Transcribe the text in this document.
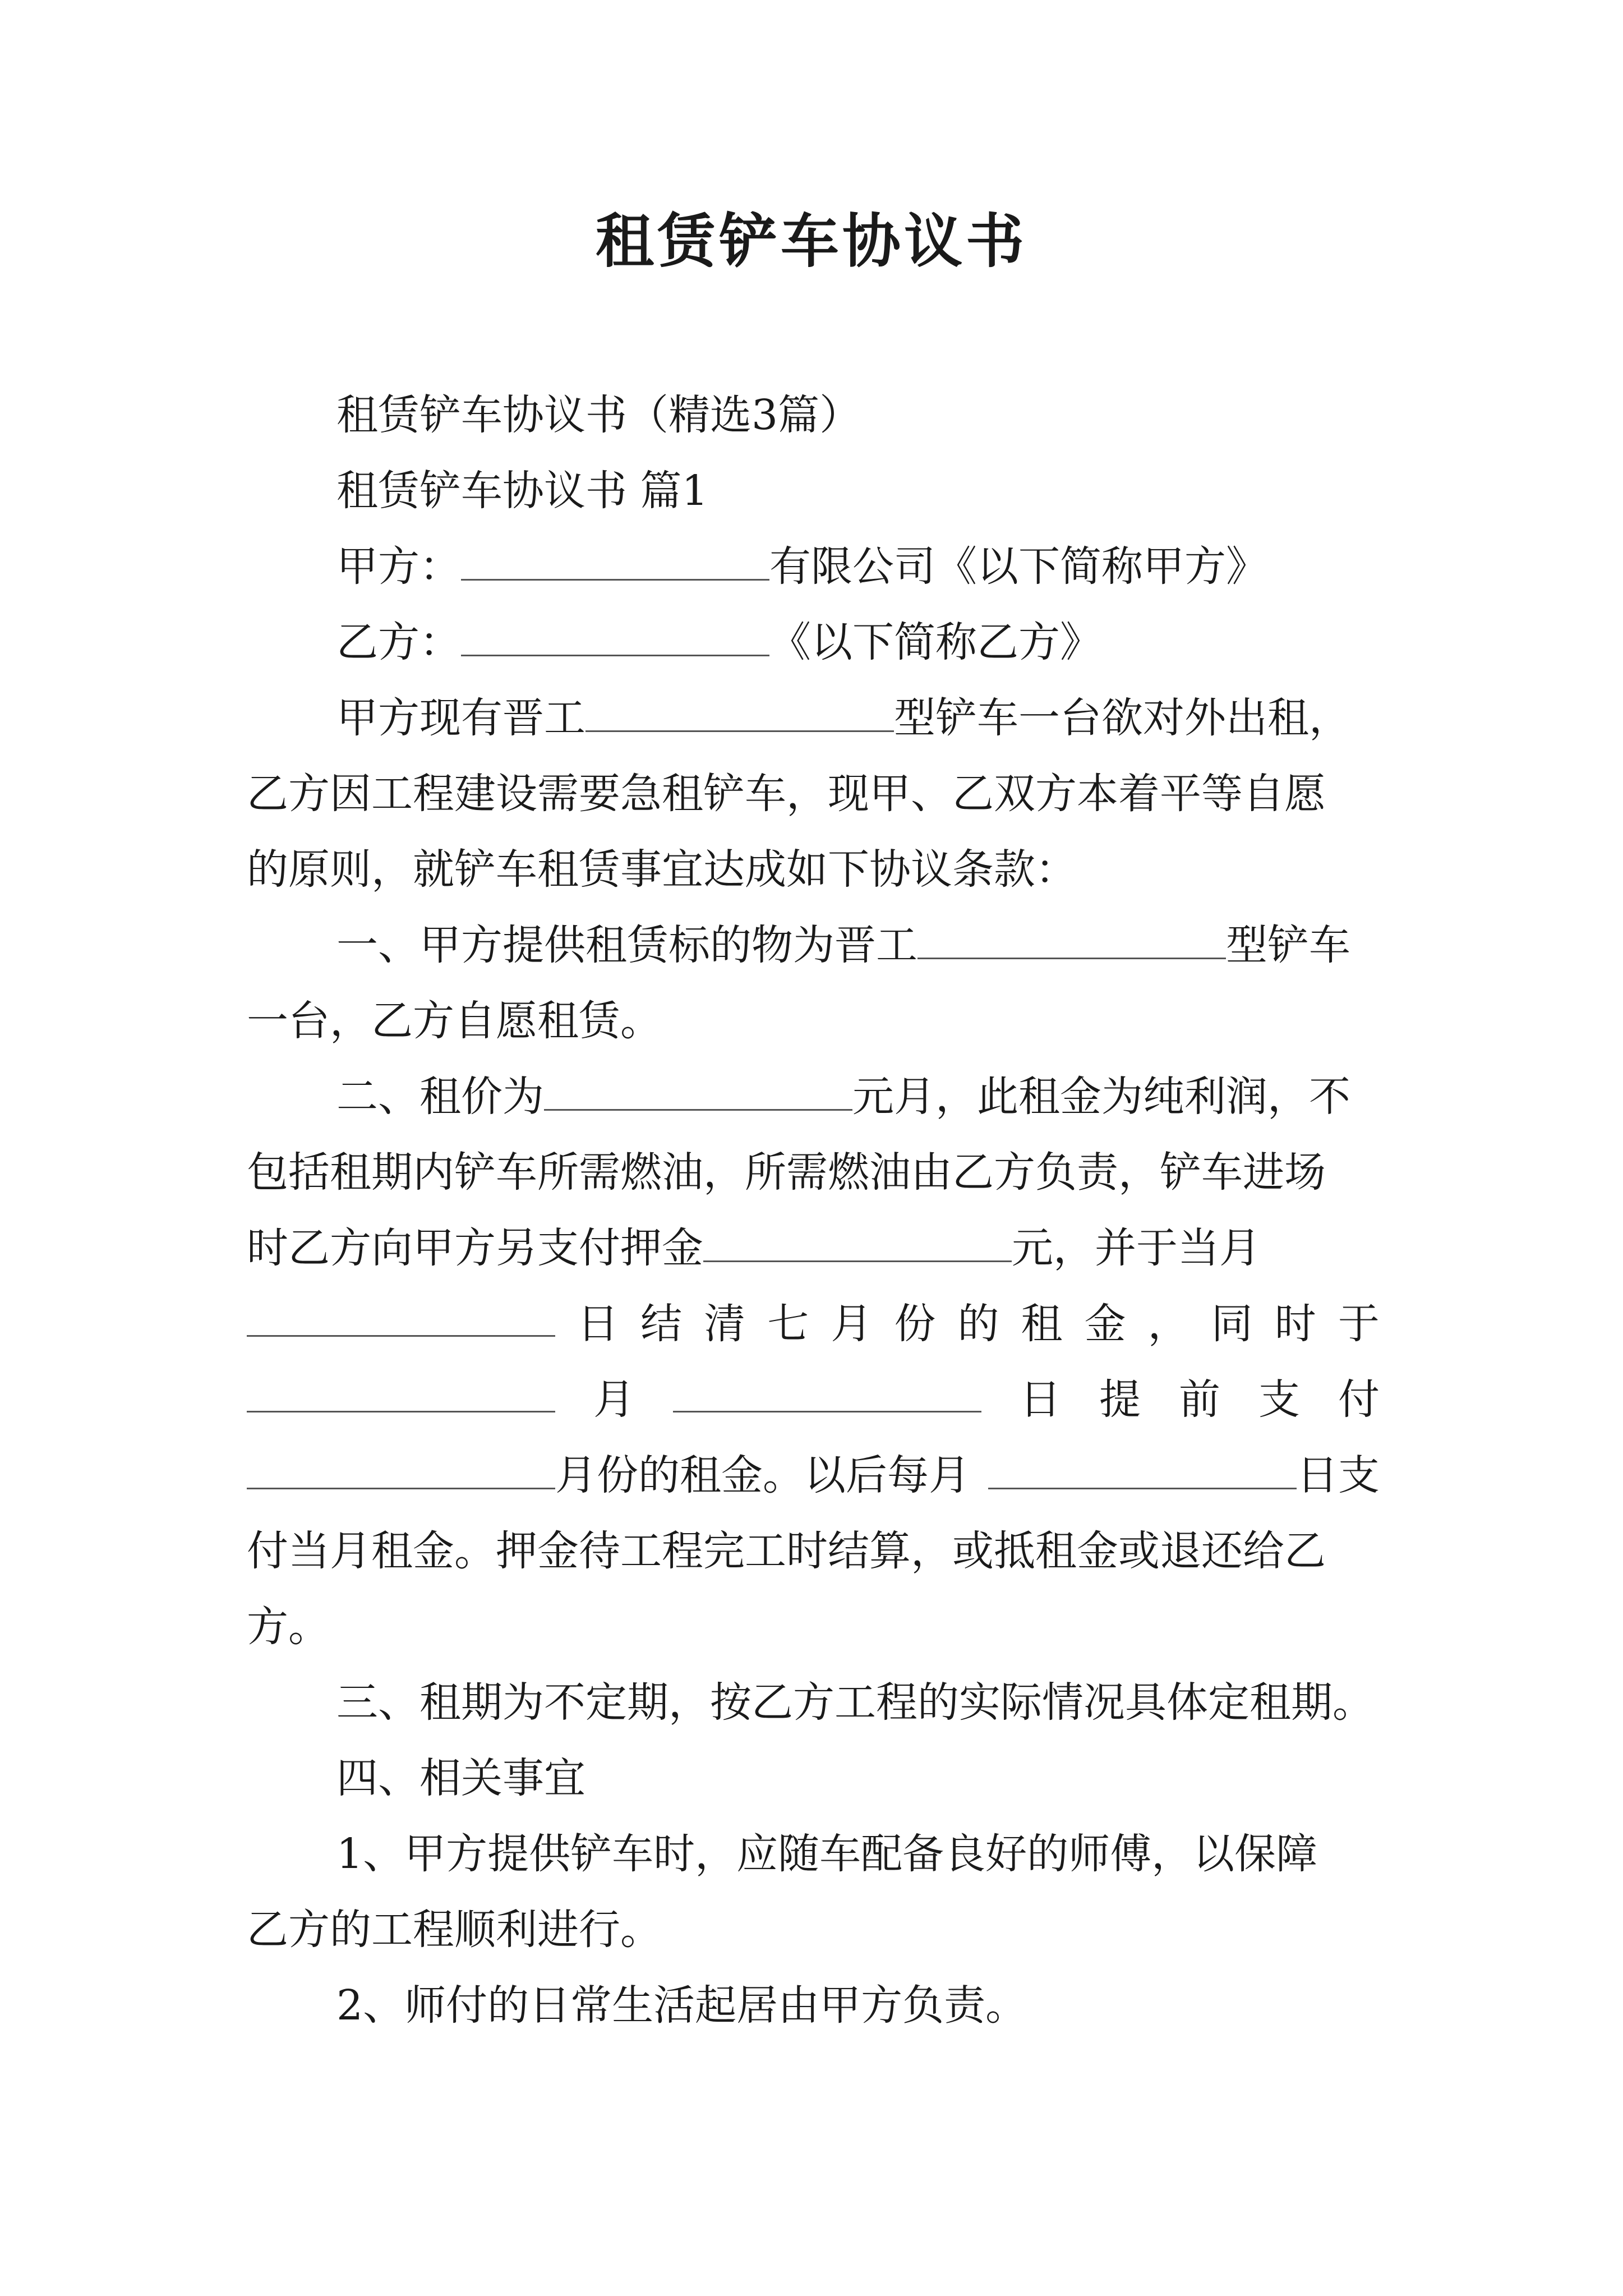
租赁铲车协议书
租赁铲车协议书（精选3篇）
租赁铲车协议书 篇1
甲方：	有限公司《以下简称甲方》
乙方：	《以下简称乙方》
甲方现有晋工	型铲车一台欲对外出租，
乙方因工程建设需要急租铲车，现甲、乙双方本着平等自愿
的原则，就铲车租赁事宜达成如下协议条款：
一、甲方提供租赁标的物为晋工	型铲车
一台，乙方自愿租赁。
二、租价为	元月，此租金为纯利润，不
包括租期内铲车所需燃油，所需燃油由乙方负责，铲车进场
时乙方向甲方另支付押金	元，并于当月
日 结 清 七 月 份 的 租 金 ， 同 时 于
月	日 提 前 支 付
月份的租金。以后每月	日支
付当月租金。押金待工程完工时结算，或抵租金或退还给乙
方。
三、租期为不定期，按乙方工程的实际情况具体定租期。
四、相关事宜
1、甲方提供铲车时，应随车配备良好的师傅，以保障
乙方的工程顺利进行。
2、师付的日常生活起居由甲方负责。
